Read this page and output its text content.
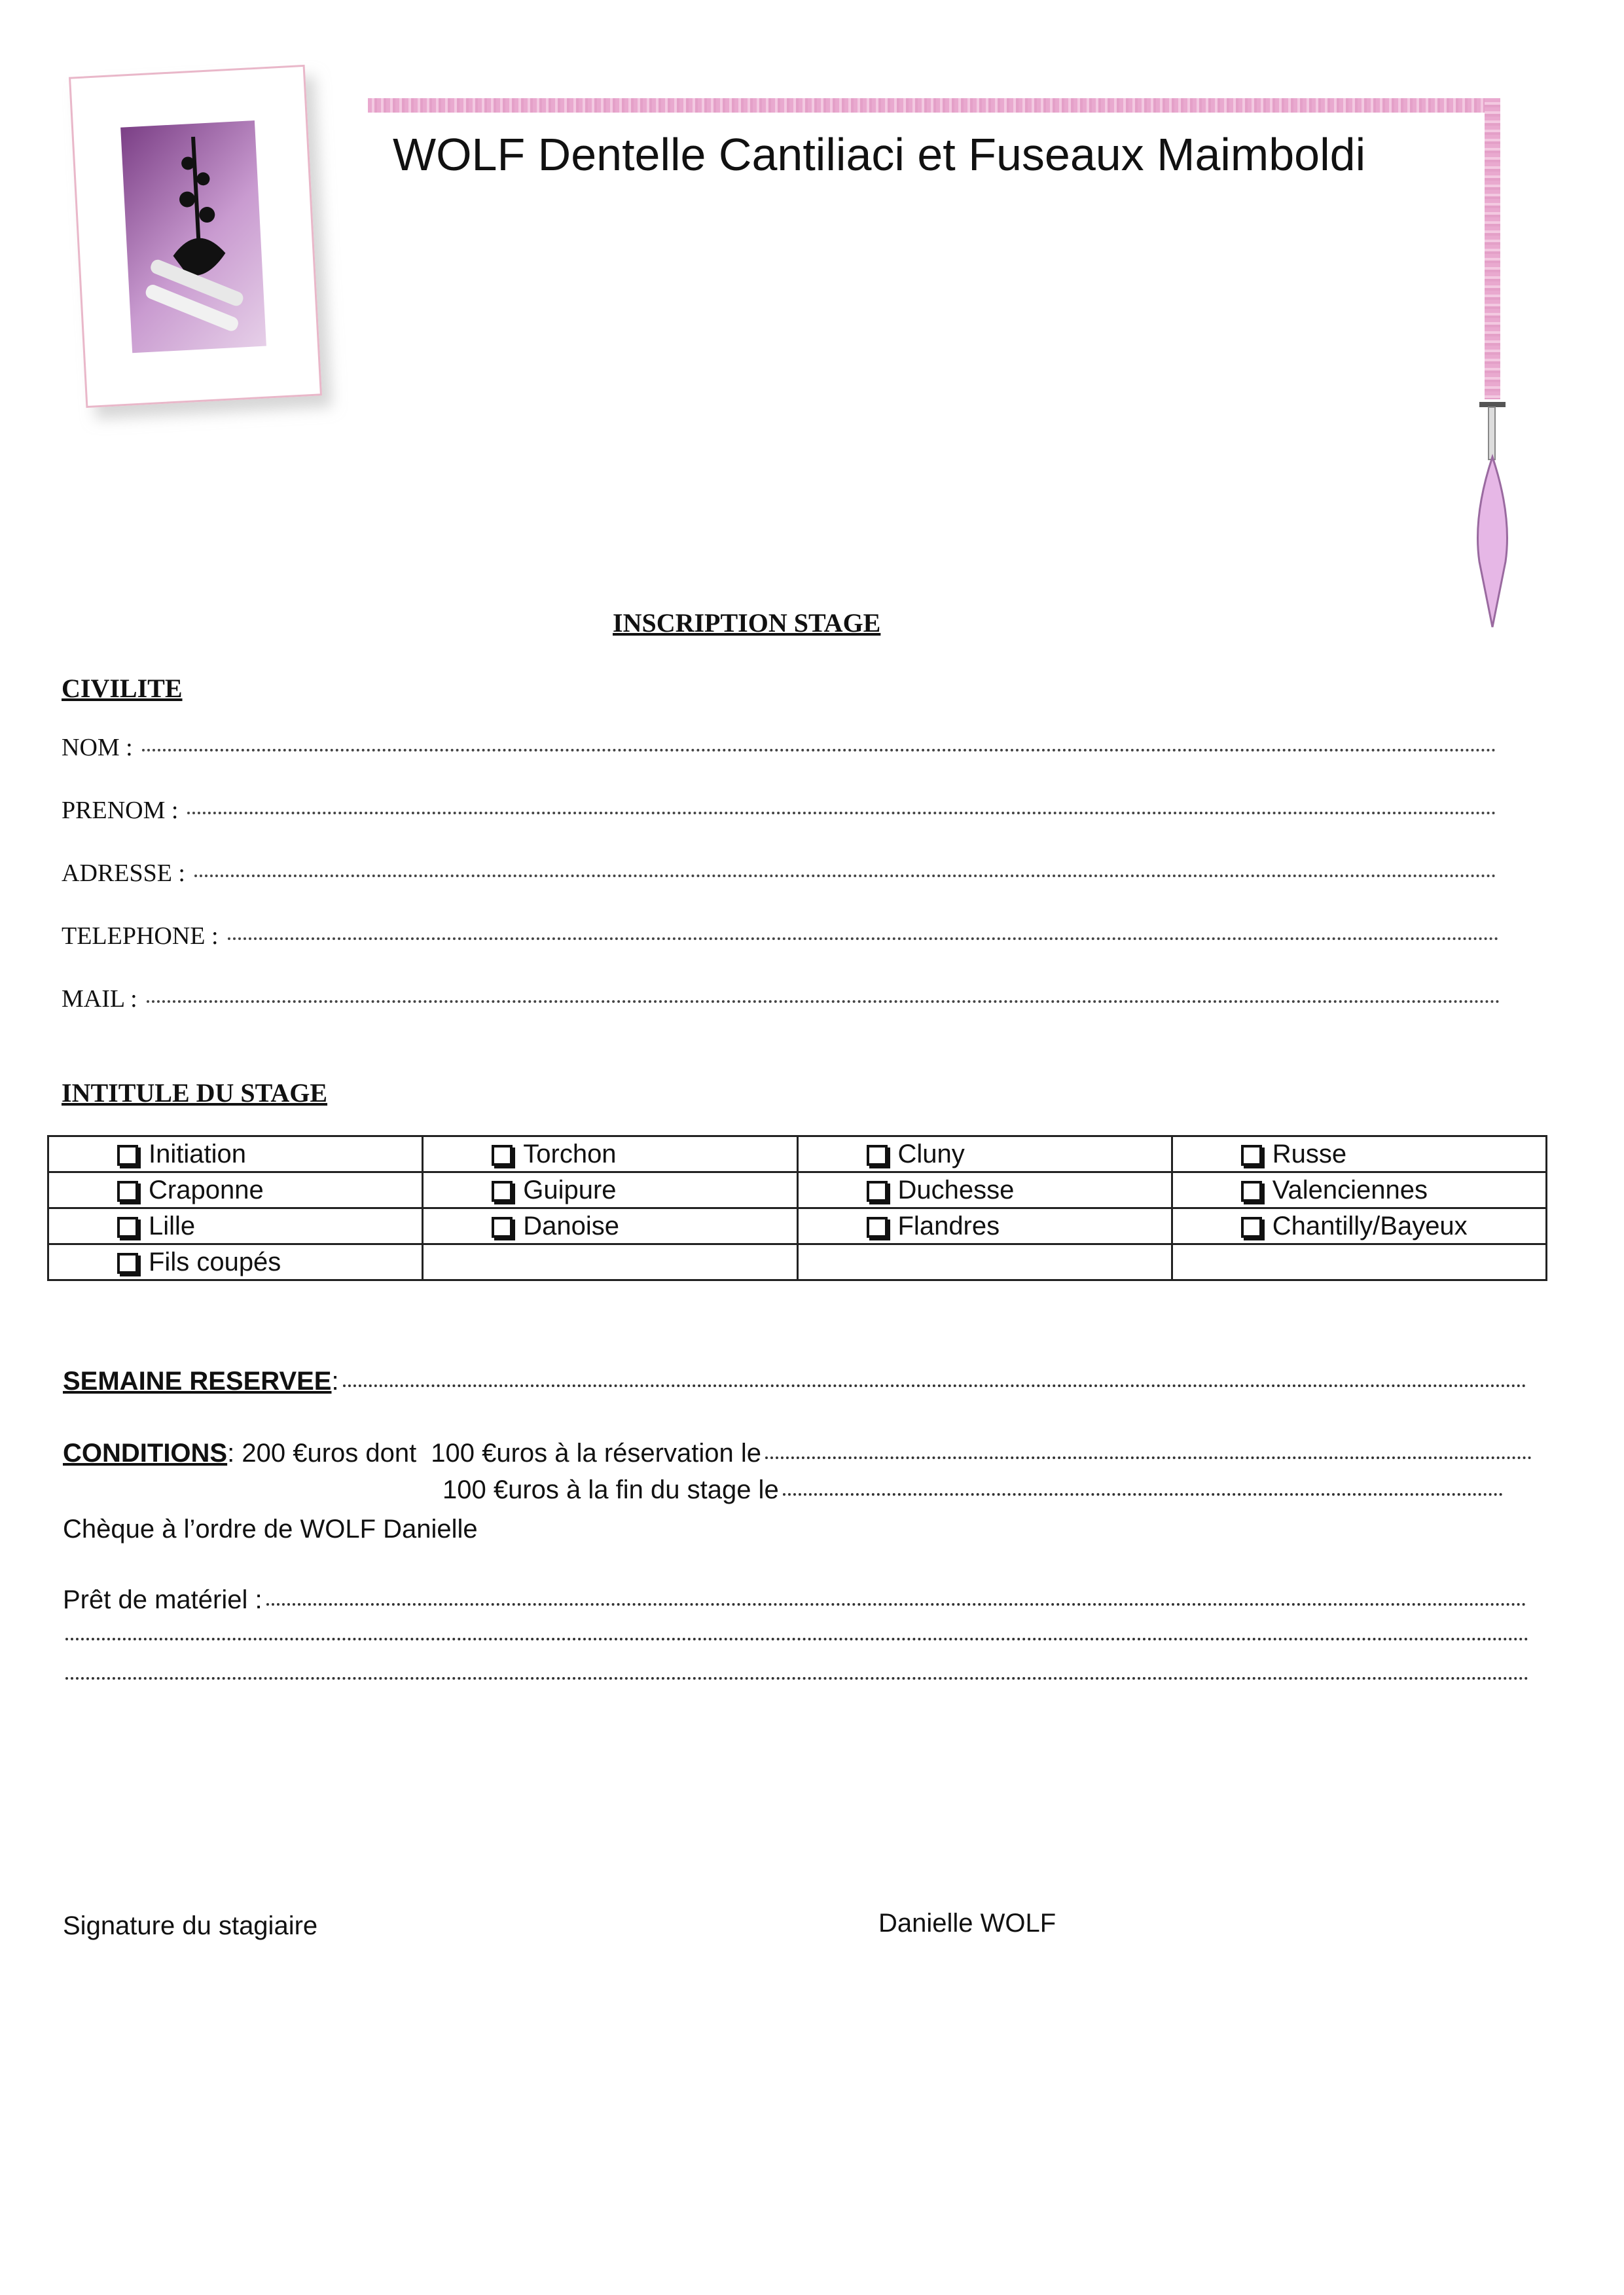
WOLF Dentelle Cantiliaci et Fuseaux Maimboldi
INSCRIPTION STAGE
CIVILITE
NOM :
PRENOM :
ADRESSE :
TELEPHONE :
MAIL :
INTITULE DU STAGE
Initiation	Torchon	Cluny	Russe

Craponne	Guipure	Duchesse	Valenciennes

Lille	Danoise	Flandres	Chantilly/Bayeux

Fils coupés			
SEMAINE RESERVEE :
CONDITIONS : 200 €uros dont 100 €uros à la réservation le
100 €uros à la fin du stage le
Chèque à l’ordre de WOLF Danielle
Prêt de matériel :
Signature du stagiaire	Danielle WOLF
